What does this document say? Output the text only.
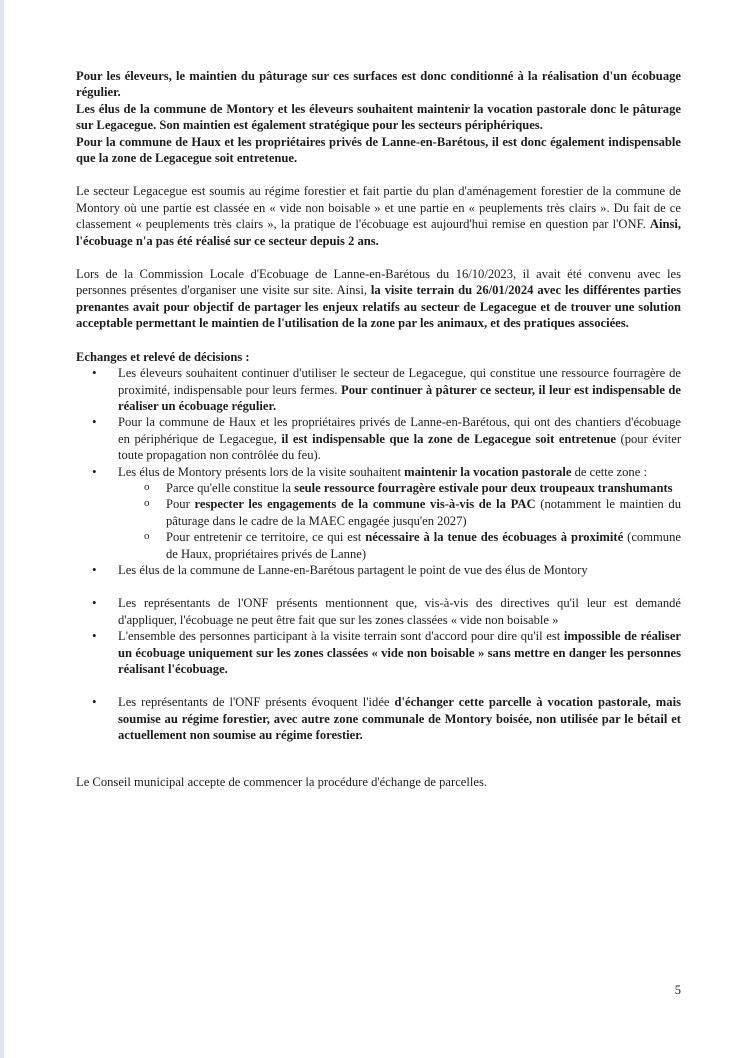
Pour les éleveurs, le maintien du pâturage sur ces surfaces est donc conditionné à la réalisation d'un écobuage régulier.

Les élus de la commune de Montory et les éleveurs souhaitent maintenir la vocation pastorale donc le pâturage sur Legacegue. Son maintien est également stratégique pour les secteurs périphériques.

Pour la commune de Haux et les propriétaires privés de Lanne-en-Barétous, il est donc également indispensable que la zone de Legacegue soit entretenue.

Le secteur Legacegue est soumis au régime forestier et fait partie du plan d'aménagement forestier de la commune de Montory où une partie est classée en « vide non boisable » et une partie en « peuplements très clairs ». Du fait de ce classement « peuplements très clairs », la pratique de l'écobuage est aujourd'hui remise en question par l'ONF. Ainsi, l'écobuage n'a pas été réalisé sur ce secteur depuis 2 ans.

Lors de la Commission Locale d'Ecobuage de Lanne-en-Barétous du 16/10/2023, il avait été convenu avec les personnes présentes d'organiser une visite sur site. Ainsi, la visite terrain du 26/01/2024 avec les différentes parties prenantes avait pour objectif de partager les enjeux relatifs au secteur de Legacegue et de trouver une solution acceptable permettant le maintien de l'utilisation de la zone par les animaux, et des pratiques associées.

Echanges et relevé de décisions :

• Les éleveurs souhaitent continuer d'utiliser le secteur de Legacegue, qui constitue une ressource fourragère de proximité, indispensable pour leurs fermes. Pour continuer à pâturer ce secteur, il leur est indispensable de réaliser un écobuage régulier.
• Pour la commune de Haux et les propriétaires privés de Lanne-en-Barétous, qui ont des chantiers d'écobuage en périphérique de Legacegue, il est indispensable que la zone de Legacegue soit entretenue (pour éviter toute propagation non contrôlée du feu).
• Les élus de Montory présents lors de la visite souhaitent maintenir la vocation pastorale de cette zone :
o Parce qu'elle constitue la seule ressource fourragère estivale pour deux troupeaux transhumants
o Pour respecter les engagements de la commune vis-à-vis de la PAC (notamment le maintien du pâturage dans le cadre de la MAEC engagée jusqu'en 2027)
o Pour entretenir ce territoire, ce qui est nécessaire à la tenue des écobuages à proximité (commune de Haux, propriétaires privés de Lanne)
• Les élus de la commune de Lanne-en-Barétous partagent le point de vue des élus de Montory
• Les représentants de l'ONF présents mentionnent que, vis-à-vis des directives qu'il leur est demandé d'appliquer, l'écobuage ne peut être fait que sur les zones classées « vide non boisable »
• L'ensemble des personnes participant à la visite terrain sont d'accord pour dire qu'il est impossible de réaliser un écobuage uniquement sur les zones classées « vide non boisable » sans mettre en danger les personnes réalisant l'écobuage.
• Les représentants de l'ONF présents évoquent l'idée d'échanger cette parcelle à vocation pastorale, mais soumise au régime forestier, avec autre zone communale de Montory boisée, non utilisée par le bétail et actuellement non soumise au régime forestier.

Le Conseil municipal accepte de commencer la procédure d'échange de parcelles.

5
